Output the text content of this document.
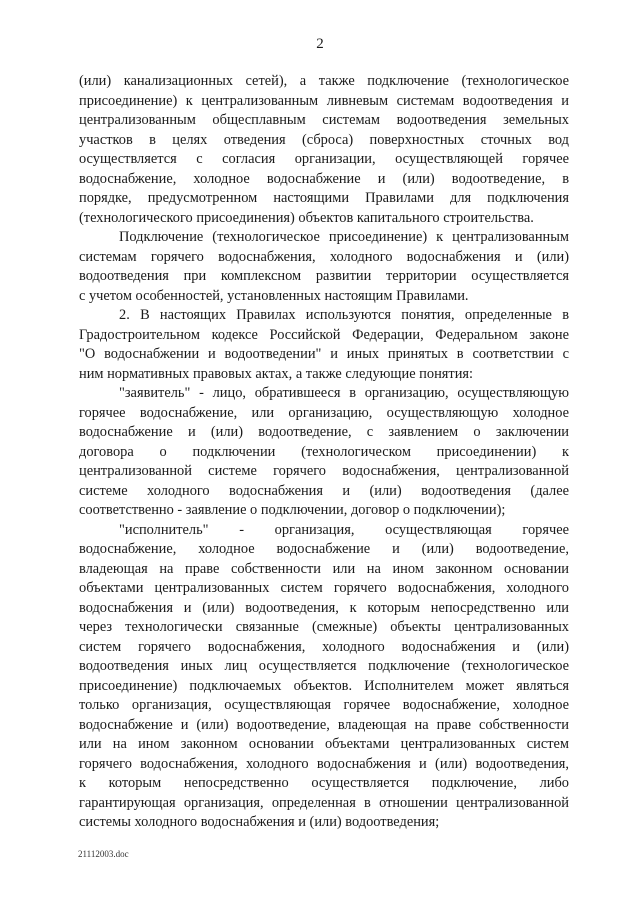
2
(или) канализационных сетей), а также подключение (технологическое
присоединение) к централизованным ливневым системам водоотведения и
централизованным общесплавным системам водоотведения земельных
участков в целях отведения (сброса) поверхностных сточных вод
осуществляется с согласия организации, осуществляющей горячее
водоснабжение, холодное водоснабжение и (или) водоотведение, в
порядке, предусмотренном настоящими Правилами для подключения
(технологического присоединения) объектов капитального строительства.
Подключение (технологическое присоединение) к централизованным
системам горячего водоснабжения, холодного водоснабжения и (или)
водоотведения при комплексном развитии территории осуществляется
с учетом особенностей, установленных настоящим Правилами.
2. В настоящих Правилах используются понятия, определенные в
Градостроительном кодексе Российской Федерации, Федеральном законе
"О водоснабжении и водоотведении" и иных принятых в соответствии с
ним нормативных правовых актах, а также следующие понятия:
"заявитель" - лицо, обратившееся в организацию, осуществляющую
горячее водоснабжение, или организацию, осуществляющую холодное
водоснабжение и (или) водоотведение, с заявлением о заключении
договора о подключении (технологическом присоединении) к
централизованной системе горячего водоснабжения, централизованной
системе холодного водоснабжения и (или) водоотведения (далее
соответственно - заявление о подключении, договор о подключении);
"исполнитель" - организация, осуществляющая горячее
водоснабжение, холодное водоснабжение и (или) водоотведение,
владеющая на праве собственности или на ином законном основании
объектами централизованных систем горячего водоснабжения, холодного
водоснабжения и (или) водоотведения, к которым непосредственно или
через технологически связанные (смежные) объекты централизованных
систем горячего водоснабжения, холодного водоснабжения и (или)
водоотведения иных лиц осуществляется подключение (технологическое
присоединение) подключаемых объектов. Исполнителем может являться
только организация, осуществляющая горячее водоснабжение, холодное
водоснабжение и (или) водоотведение, владеющая на праве собственности
или на ином законном основании объектами централизованных систем
горячего водоснабжения, холодного водоснабжения и (или) водоотведения,
к которым непосредственно осуществляется подключение, либо
гарантирующая организация, определенная в отношении централизованной
системы холодного водоснабжения и (или) водоотведения;
21112003.doc
